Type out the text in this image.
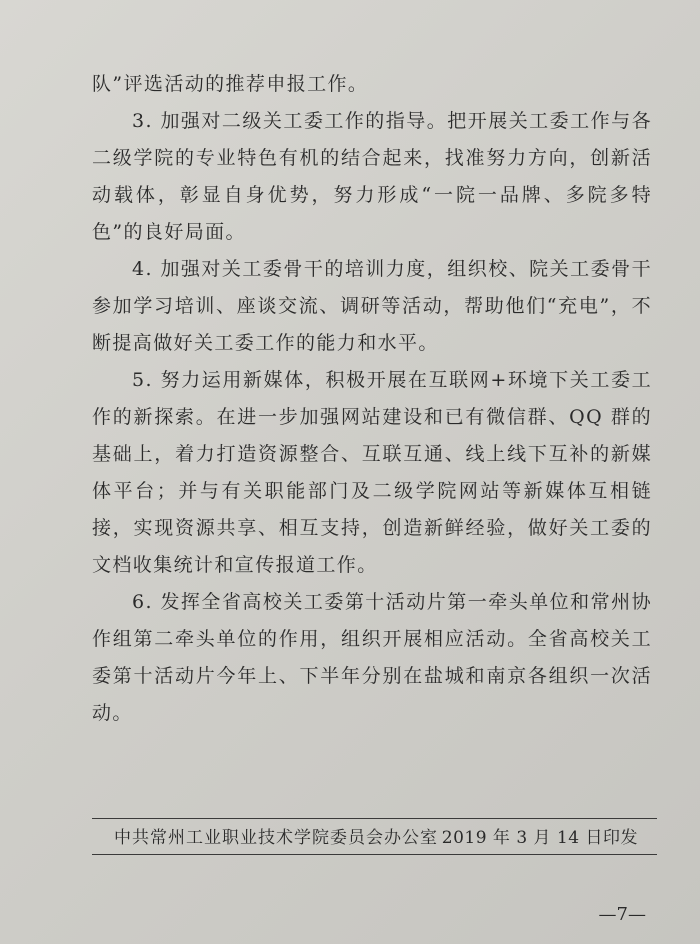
队”评选活动的推荐申报工作。

3. 加强对二级关工委工作的指导。把开展关工委工作与各二级学院的专业特色有机的结合起来，找准努力方向，创新活动载体，彰显自身优势，努力形成“一院一品牌、多院多特色”的良好局面。

4. 加强对关工委骨干的培训力度，组织校、院关工委骨干参加学习培训、座谈交流、调研等活动，帮助他们“充电”，不断提高做好关工委工作的能力和水平。

5. 努力运用新媒体，积极开展在互联网+环境下关工委工作的新探索。在进一步加强网站建设和已有微信群、QQ 群的基础上，着力打造资源整合、互联互通、线上线下互补的新媒体平台；并与有关职能部门及二级学院网站等新媒体互相链接，实现资源共享、相互支持，创造新鲜经验，做好关工委的文档收集统计和宣传报道工作。

6. 发挥全省高校关工委第十活动片第一牵头单位和常州协作组第二牵头单位的作用，组织开展相应活动。全省高校关工委第十活动片今年上、下半年分别在盐城和南京各组织一次活动。

中共常州工业职业技术学院委员会办公室 2019 年 3 月 14 日印发
—7—
